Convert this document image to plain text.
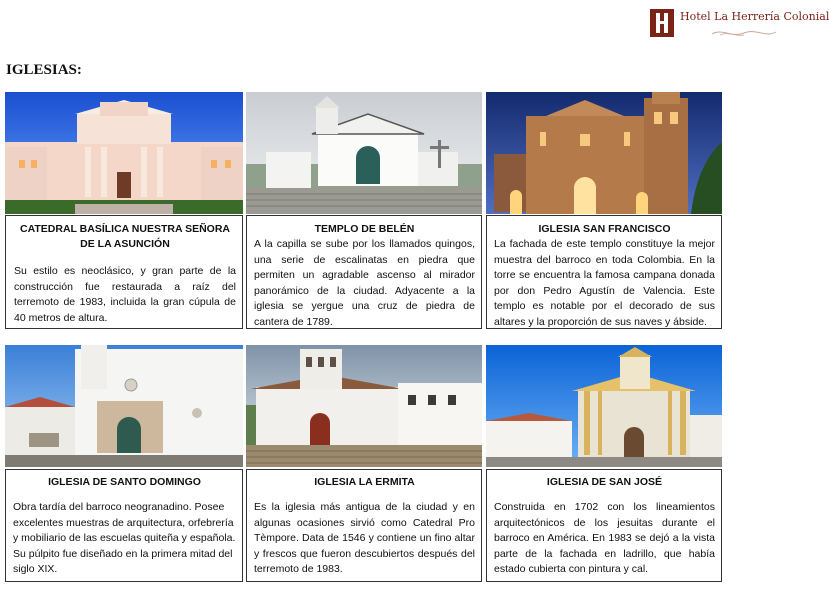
Hotel La Herrería Colonial
IGLESIAS:
CATEDRAL BASÍLICA NUESTRA SEÑORA DE LA ASUNCIÓN
Su estilo es neoclásico, y gran parte de la construcción fue restaurada a raíz del terremoto de 1983, incluida la gran cúpula de 40 metros de altura.
TEMPLO DE BELÉN
A la capilla se sube por los llamados quingos, una serie de escalinatas en piedra que permiten un agradable ascenso al mirador panorámico de la ciudad. Adyacente a la iglesia se yergue una cruz de piedra de cantera de 1789.
IGLESIA SAN FRANCISCO
La fachada de este templo constituye la mejor muestra del barroco en toda Colombia. En la torre se encuentra la famosa campana donada por don Pedro Agustín de Valencia. Este templo es notable por el decorado de sus altares y la proporción de sus naves y ábside.
IGLESIA DE SANTO DOMINGO
Obra tardía del barroco neogranadino. Posee excelentes muestras de arquitectura, orfebrería y mobiliario de las escuelas quiteña y española. Su púlpito fue diseñado en la primera mitad del siglo XIX.
IGLESIA LA ERMITA
Es la iglesia más antigua de la ciudad y en algunas ocasiones sirvió como Catedral Pro Tèmpore. Data de 1546 y contiene un fino altar y frescos que fueron descubiertos después del terremoto de 1983.
IGLESIA DE SAN JOSÉ
Construida en 1702 con los lineamientos arquitectónicos de los jesuitas durante el barroco en América. En 1983 se dejó a la vista parte de la fachada en ladrillo, que había estado cubierta con pintura y cal.
